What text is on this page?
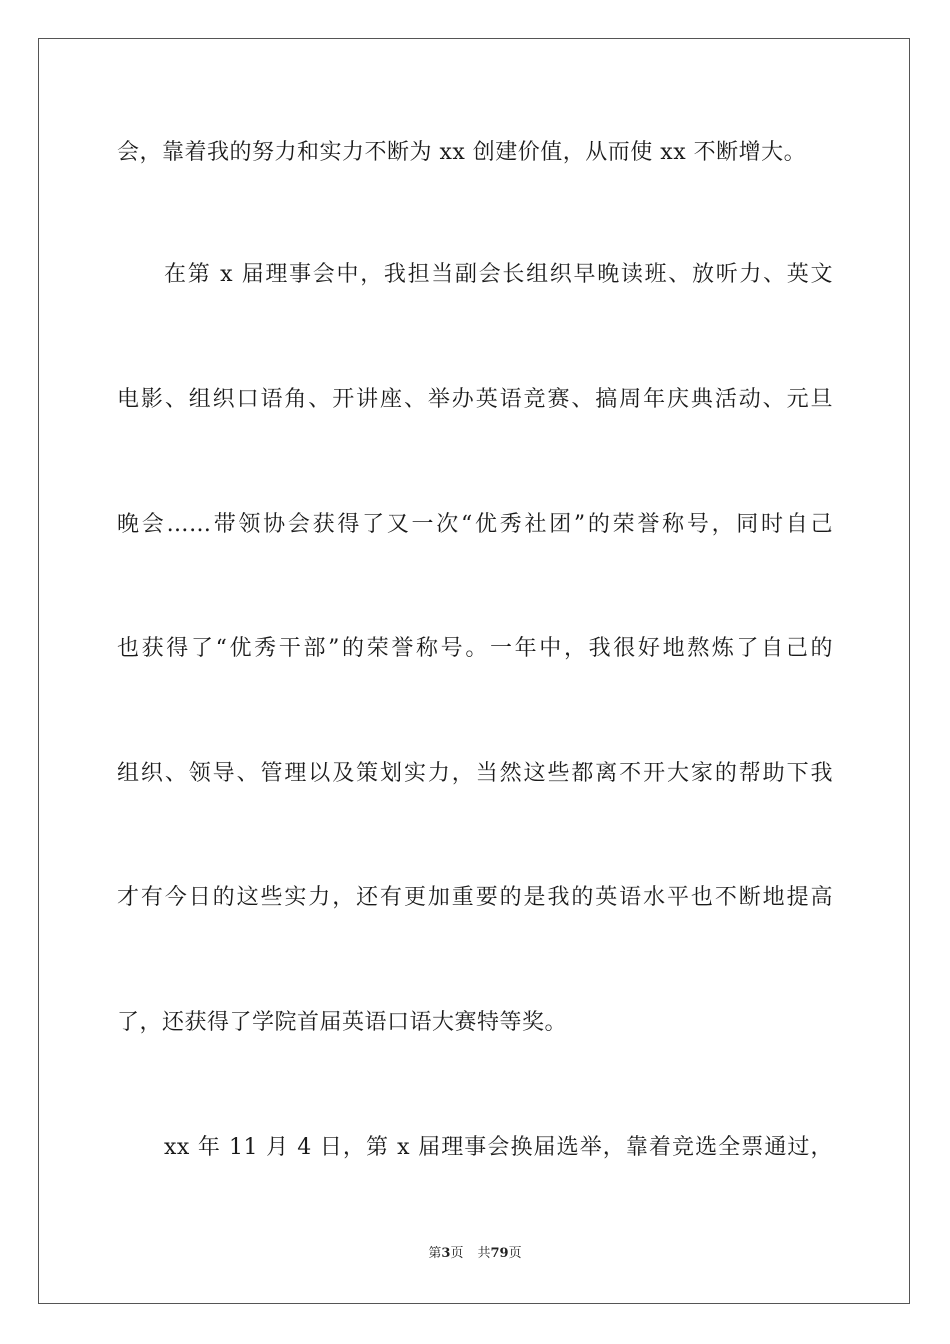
会，靠着我的努力和实力不断为 xx 创建价值，从而使 xx 不断增大。
在第 x 届理事会中，我担当副会长组织早晚读班、放听力、英文
电影、组织口语角、开讲座、举办英语竞赛、搞周年庆典活动、元旦
晚会……带领协会获得了又一次“优秀社团”的荣誉称号，同时自己
也获得了“优秀干部”的荣誉称号。一年中，我很好地熬炼了自己的
组织、领导、管理以及策划实力，当然这些都离不开大家的帮助下我
才有今日的这些实力，还有更加重要的是我的英语水平也不断地提高
了，还获得了学院首届英语口语大赛特等奖。
xx 年 11 月 4 日，第 x 届理事会换届选举，靠着竞选全票通过，
第3页 共79页
